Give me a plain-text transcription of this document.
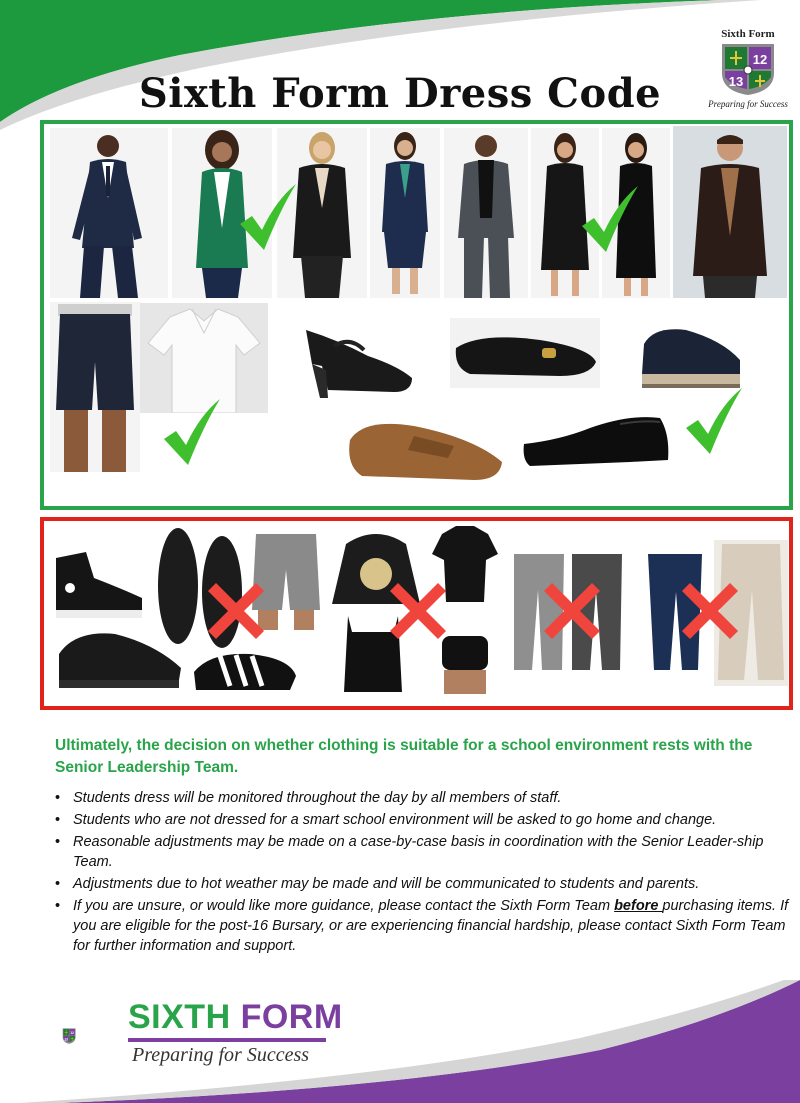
Sixth Form Dress Code
Sixth Form
12
13
Preparing for Success

Ultimately, the decision on whether clothing is suitable for a school environment rests with the Senior Leadership Team.

• Students dress will be monitored throughout the day by all members of staff.
• Students who are not dressed for a smart school environment will be asked to go home and change.
• Reasonable adjustments may be made on a case-by-case basis in coordination with the Senior Leader-ship Team.
• Adjustments due to hot weather may be made and will be communicated to students and parents.
• If you are unsure, or would like more guidance, please contact the Sixth Form Team before purchasing items. If you are eligible for the post-16 Bursary, or are experiencing financial hardship, please contact Sixth Form Team for further information and support.
12
13
SIXTH FORM
Preparing for Success
